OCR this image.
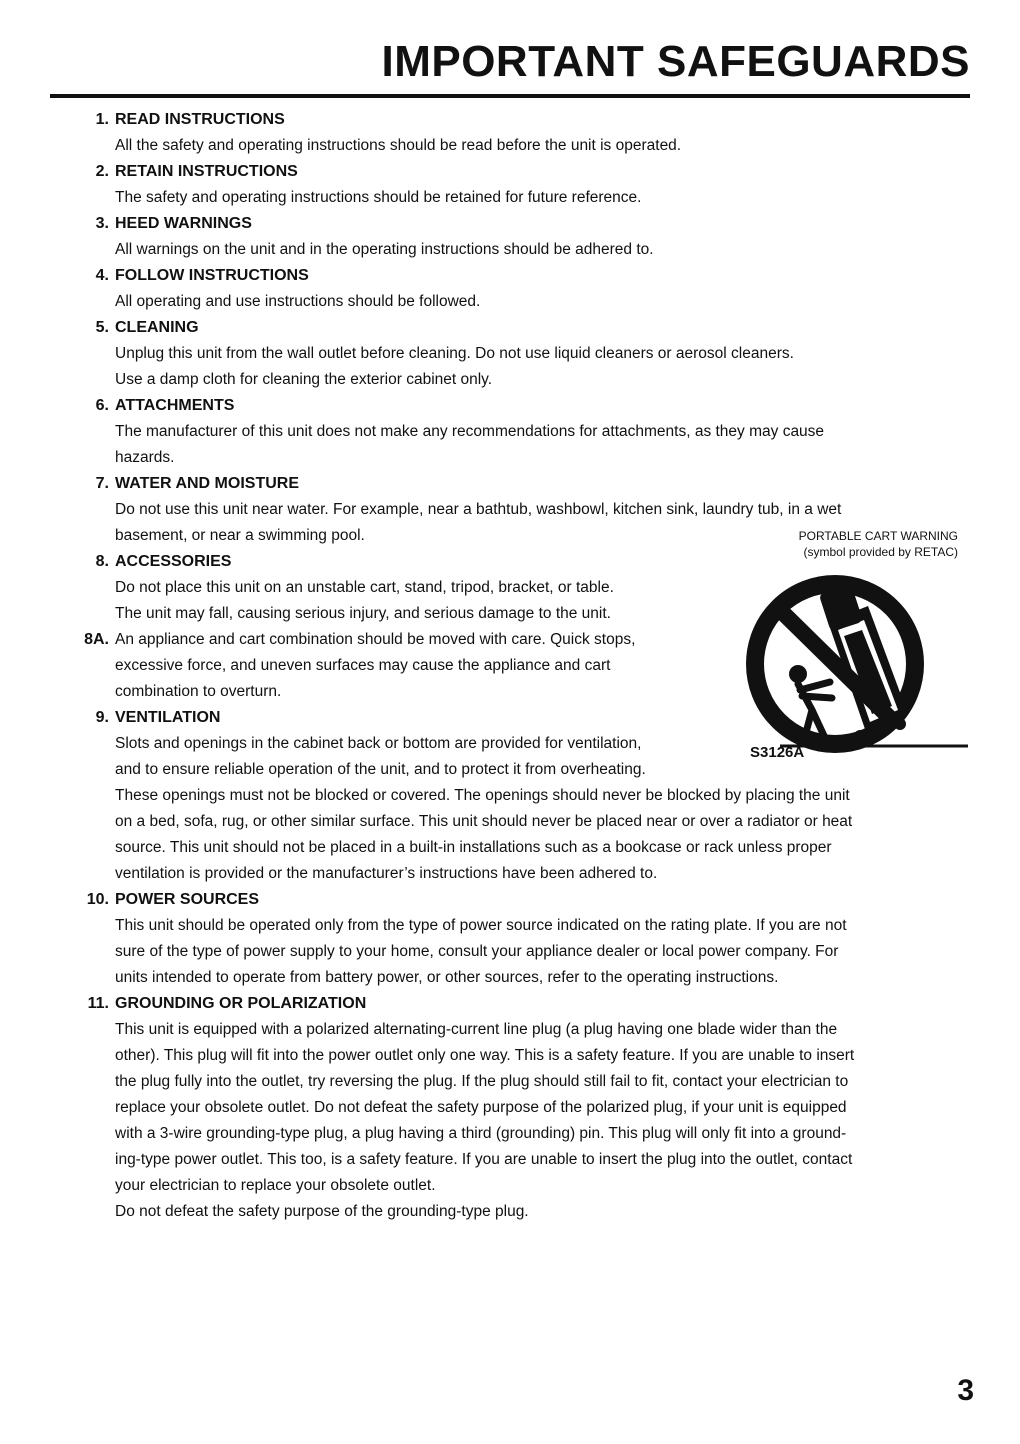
IMPORTANT SAFEGUARDS
1. READ INSTRUCTIONS
All the safety and operating instructions should be read before the unit is operated.
2. RETAIN INSTRUCTIONS
The safety and operating instructions should be retained for future reference.
3. HEED WARNINGS
All warnings on the unit and in the operating instructions should be adhered to.
4. FOLLOW INSTRUCTIONS
All operating and use instructions should be followed.
5. CLEANING
Unplug this unit from the wall outlet before cleaning. Do not use liquid cleaners or aerosol cleaners.
Use a damp cloth for cleaning the exterior cabinet only.
6. ATTACHMENTS
The manufacturer of this unit does not make any recommendations for attachments, as they may cause
hazards.
7. WATER AND MOISTURE
Do not use this unit near water. For example, near a bathtub, washbowl, kitchen sink, laundry tub, in a wet
basement, or near a swimming pool.
8. ACCESSORIES
Do not place this unit on an unstable cart, stand, tripod, bracket, or table.
The unit may fall, causing serious injury, and serious damage to the unit.
8A. An appliance and cart combination should be moved with care. Quick stops,
excessive force, and uneven surfaces may cause the appliance and cart
combination to overturn.
9. VENTILATION
Slots and openings in the cabinet back or bottom are provided for ventilation,
and to ensure reliable operation of the unit, and to protect it from overheating.
These openings must not be blocked or covered. The openings should never be blocked by placing the unit
on a bed, sofa, rug, or other similar surface. This unit should never be placed near or over a radiator or heat
source. This unit should not be placed in a built-in installations such as a bookcase or rack unless proper
ventilation is provided or the manufacturer’s instructions have been adhered to.
10. POWER SOURCES
This unit should be operated only from the type of power source indicated on the rating plate. If you are not
sure of the type of power supply to your home, consult your appliance dealer or local power company. For
units intended to operate from battery power, or other sources, refer to the operating instructions.
11. GROUNDING OR POLARIZATION
This unit is equipped with a polarized alternating-current line plug (a plug having one blade wider than the
other). This plug will fit into the power outlet only one way. This is a safety feature. If you are unable to insert
the plug fully into the outlet, try reversing the plug. If the plug should still fail to fit, contact your electrician to
replace your obsolete outlet. Do not defeat the safety purpose of the polarized plug, if your unit is equipped
with a 3-wire grounding-type plug, a plug having a third (grounding) pin. This plug will only fit into a ground-
ing-type power outlet. This too, is a safety feature. If you are unable to insert the plug into the outlet, contact
your electrician to replace your obsolete outlet.
Do not defeat the safety purpose of the grounding-type plug.
PORTABLE CART WARNING
(symbol provided by RETAC)
S3126A
3
